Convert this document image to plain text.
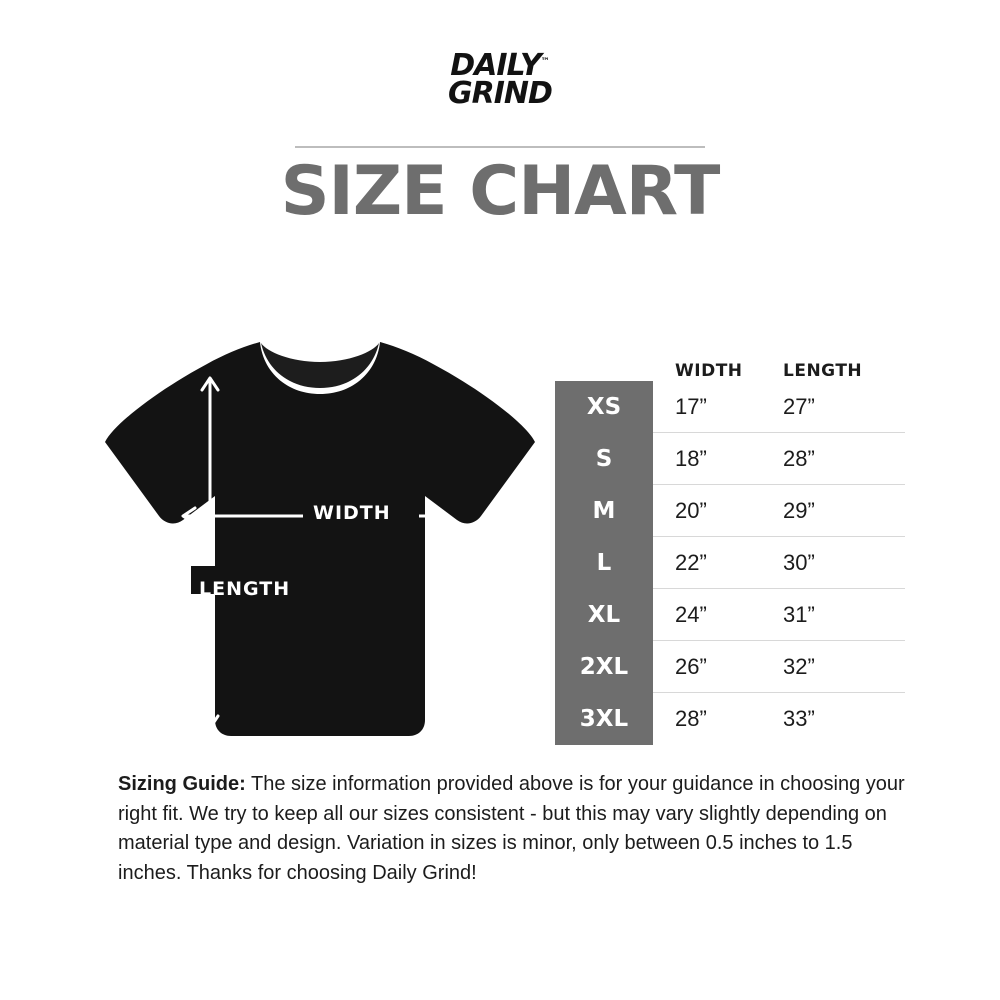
DAILY™
GRIND
SIZE CHART
WIDTH
LENGTH
WIDTH	LENGTH
XS	17”	27”
S	18”	28”
M	20”	29”
L	22”	30”
XL	24”	31”
2XL	26”	32”
3XL	28”	33”
Sizing Guide: The size information provided above is for your guidance in choosing your right fit. We try to keep all our sizes consistent - but this may vary slightly depending on material type and design. Variation in sizes is minor, only between 0.5 inches to 1.5 inches. Thanks for choosing Daily Grind!
